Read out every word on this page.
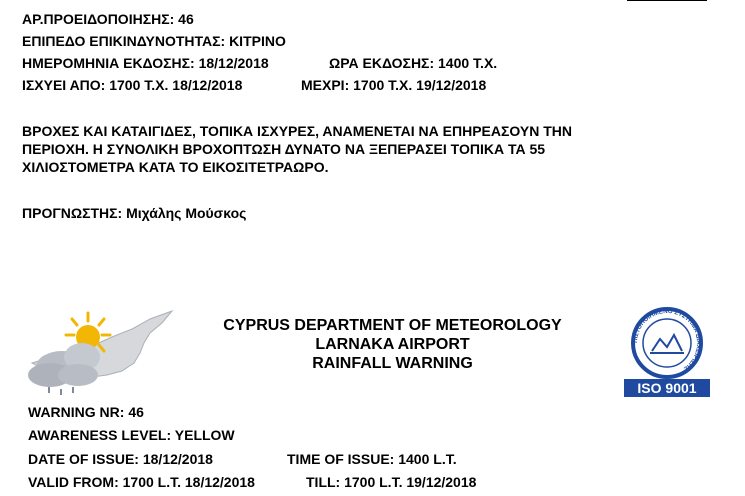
ΑΡ.ΠΡΟΕΙΔΟΠΟΙΗΣΗΣ: 46
ΕΠΙΠΕΔΟ ΕΠΙΚΙΝΔΥΝΟΤΗΤΑΣ: ΚΙΤΡΙΝΟ
ΗΜΕΡΟΜΗΝΙΑ ΕΚΔΟΣΗΣ: 18/12/2018	ΩΡΑ ΕΚΔΟΣΗΣ: 1400 Τ.Χ.
ΙΣΧΥΕΙ ΑΠΟ: 1700 Τ.Χ. 18/12/2018	ΜΕΧΡΙ: 1700 Τ.Χ. 19/12/2018
ΒΡΟΧΕΣ ΚΑΙ ΚΑΤΑΙΓΙΔΕΣ, ΤΟΠΙΚΑ ΙΣΧΥΡΕΣ, ΑΝΑΜΕΝΕΤΑΙ ΝΑ ΕΠΗΡΕΑΣΟΥΝ ΤΗΝ
ΠΕΡΙΟΧΗ. Η ΣΥΝΟΛΙΚΗ ΒΡΟΧΟΠΤΩΣΗ ΔΥΝΑΤΟ ΝΑ ΞΕΠΕΡΑΣΕΙ ΤΟΠΙΚΑ ΤΑ 55
ΧΙΛΙΟΣΤΟΜΕΤΡΑ ΚΑΤΑ ΤΟ ΕΙΚΟΣΙΤΕΤΡΑΩΡΟ.
ΠΡΟΓΝΩΣΤΗΣ: Μιχάλης Μούσκος
CYPRUS DEPARTMENT OF METEOROLOGY
LARNAKA AIRPORT
RAINFALL WARNING
ΠΙΣΤΟΠΟΙΗΜΕΝΟ ΣΥΣΤΗΜΑ ΔΙΑΧΕΙΡΙΣΗΣ
ISO 9001
WARNING NR: 46
AWARENESS LEVEL: YELLOW
DATE OF ISSUE: 18/12/2018	TIME OF ISSUE: 1400 L.T.
VALID FROM: 1700 L.T. 18/12/2018	TILL: 1700 L.T. 19/12/2018
